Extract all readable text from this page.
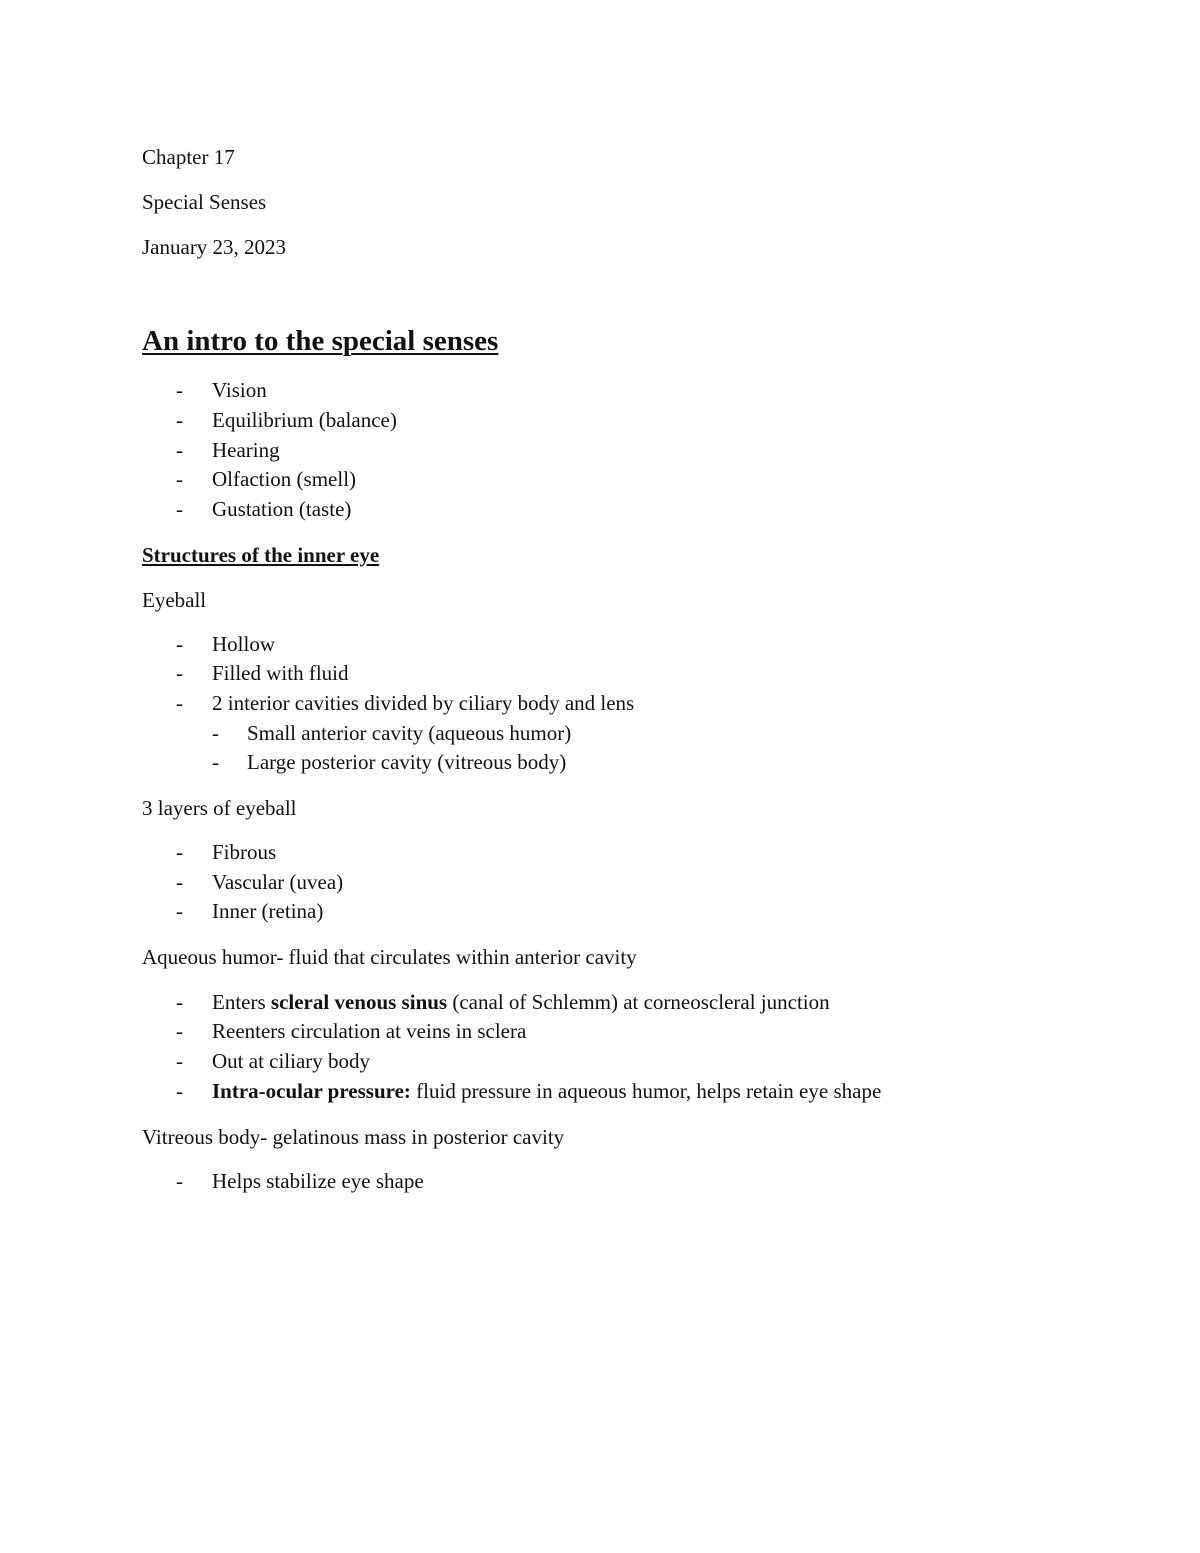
Chapter 17
Special Senses
January 23, 2023
An intro to the special senses
- Vision
- Equilibrium (balance)
- Hearing
- Olfaction (smell)
- Gustation (taste)
Structures of the inner eye
Eyeball
- Hollow
- Filled with fluid
- 2 interior cavities divided by ciliary body and lens
- Small anterior cavity (aqueous humor)
- Large posterior cavity (vitreous body)
3 layers of eyeball
- Fibrous
- Vascular (uvea)
- Inner (retina)
Aqueous humor- fluid that circulates within anterior cavity
- Enters scleral venous sinus (canal of Schlemm) at corneoscleral junction
- Reenters circulation at veins in sclera
- Out at ciliary body
- Intra-ocular pressure: fluid pressure in aqueous humor, helps retain eye shape
Vitreous body- gelatinous mass in posterior cavity
- Helps stabilize eye shape
